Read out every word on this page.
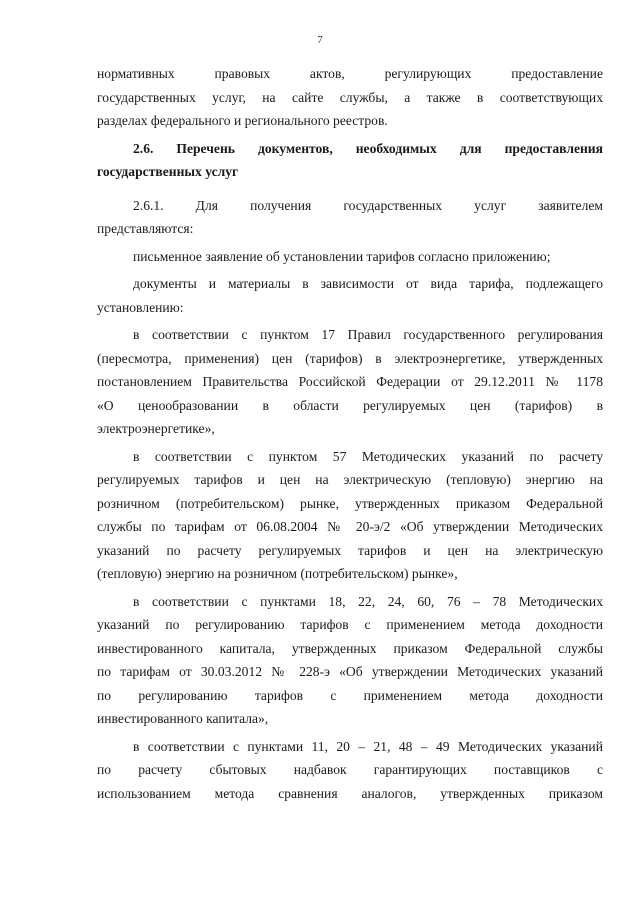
7
нормативных правовых актов, регулирующих предоставление
государственных услуг, на сайте службы, а также в соответствующих
разделах федерального и регионального реестров.
2.6. Перечень документов, необходимых для предоставления
государственных услуг
2.6.1. Для получения государственных услуг заявителем
представляются:
письменное заявление об установлении тарифов согласно приложению;
документы и материалы в зависимости от вида тарифа, подлежащего
установлению:
в соответствии с пунктом 17 Правил государственного регулирования
(пересмотра, применения) цен (тарифов) в электроэнергетике, утвержденных
постановлением Правительства Российской Федерации от 29.12.2011 № 1178
«О ценообразовании в области регулируемых цен (тарифов) в
электроэнергетике»,
в соответствии с пунктом 57 Методических указаний по расчету
регулируемых тарифов и цен на электрическую (тепловую) энергию на
розничном (потребительском) рынке, утвержденных приказом Федеральной
службы по тарифам от 06.08.2004 № 20-э/2 «Об утверждении Методических
указаний по расчету регулируемых тарифов и цен на электрическую
(тепловую) энергию на розничном (потребительском) рынке»,
в соответствии с пунктами 18, 22, 24, 60, 76 – 78 Методических
указаний по регулированию тарифов с применением метода доходности
инвестированного капитала, утвержденных приказом Федеральной службы
по тарифам от 30.03.2012 № 228-э «Об утверждении Методических указаний
по регулированию тарифов с применением метода доходности
инвестированного капитала»,
в соответствии с пунктами 11, 20 – 21, 48 – 49 Методических указаний
по расчету сбытовых надбавок гарантирующих поставщиков с
использованием метода сравнения аналогов, утвержденных приказом
